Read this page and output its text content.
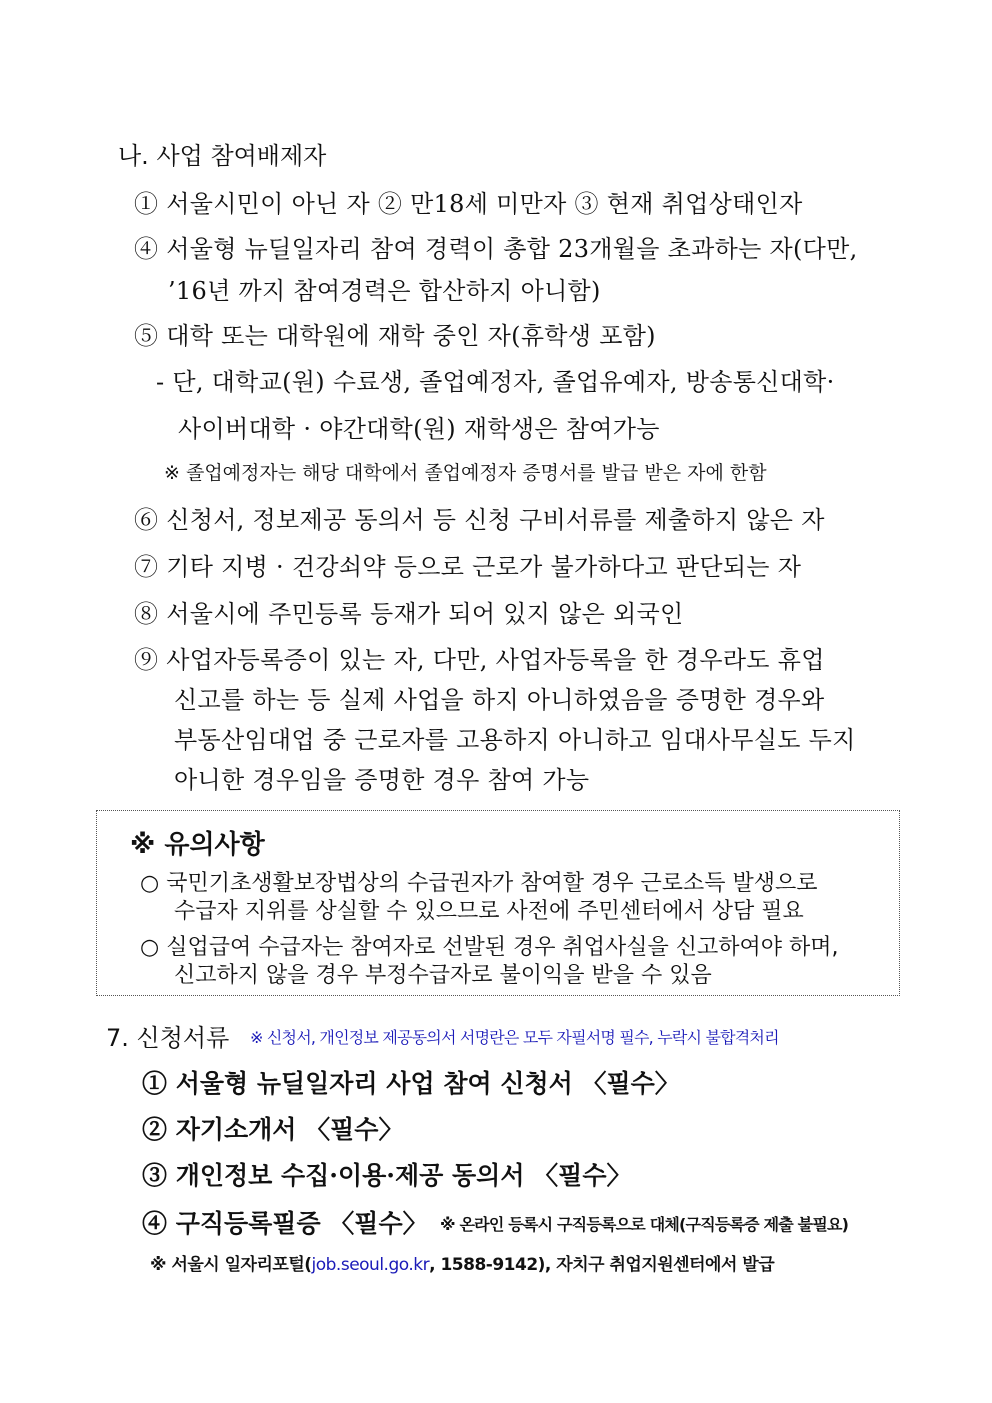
나. 사업 참여배제자
① 서울시민이 아닌 자 ② 만18세 미만자 ③ 현재 취업상태인자
④ 서울형 뉴딜일자리 참여 경력이 총합 23개월을 초과하는 자(다만,
’16년 까지 참여경력은 합산하지 아니함)
⑤ 대학 또는 대학원에 재학 중인 자(휴학생 포함)
- 단, 대학교(원) 수료생, 졸업예정자, 졸업유예자, 방송통신대학·
사이버대학 · 야간대학(원) 재학생은 참여가능
※ 졸업예정자는 해당 대학에서 졸업예정자 증명서를 발급 받은 자에 한함
⑥ 신청서, 정보제공 동의서 등 신청 구비서류를 제출하지 않은 자
⑦ 기타 지병 · 건강쇠약 등으로 근로가 불가하다고 판단되는 자
⑧ 서울시에 주민등록 등재가 되어 있지 않은 외국인
⑨ 사업자등록증이 있는 자, 다만, 사업자등록을 한 경우라도 휴업
신고를 하는 등 실제 사업을 하지 아니하였음을 증명한 경우와
부동산임대업 중 근로자를 고용하지 아니하고 임대사무실도 두지
아니한 경우임을 증명한 경우 참여 가능
※ 유의사항
○ 국민기초생활보장법상의 수급권자가 참여할 경우 근로소득 발생으로
수급자 지위를 상실할 수 있으므로 사전에 주민센터에서 상담 필요
○ 실업급여 수급자는 참여자로 선발된 경우 취업사실을 신고하여야 하며,
신고하지 않을 경우 부정수급자로 불이익을 받을 수 있음
7. 신청서류 ※ 신청서, 개인정보 제공동의서 서명란은 모두 자필서명 필수, 누락시 불합격처리
① 서울형 뉴딜일자리 사업 참여 신청서 〈필수〉
② 자기소개서 〈필수〉
③ 개인정보 수집·이용·제공 동의서 〈필수〉
④ 구직등록필증 〈필수〉 ※ 온라인 등록시 구직등록으로 대체(구직등록증 제출 불필요)
※ 서울시 일자리포털(job.seoul.go.kr, 1588-9142), 자치구 취업지원센터에서 발급
